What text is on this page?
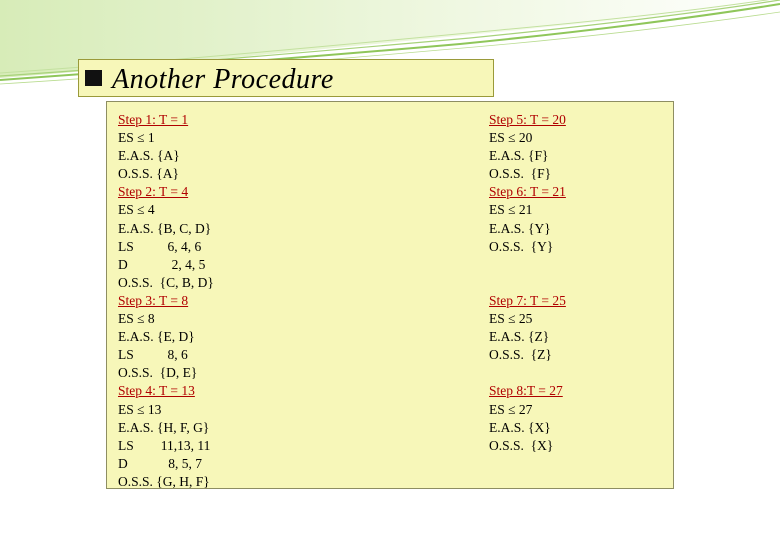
Another Procedure
Step 1: T = 1
ES ≤ 1
E.A.S. {A}
O.S.S. {A}
Step 2: T = 4
ES ≤ 4
E.A.S. {B, C, D}
LS          6, 4, 6
D             2, 4, 5
O.S.S.  {C, B, D}
Step 3: T = 8
ES ≤ 8
E.A.S. {E, D}
LS          8, 6
O.S.S.  {D, E}
Step 4: T = 13
ES ≤ 13
E.A.S. {H, F, G}
LS        11,13, 11
D            8, 5, 7
O.S.S. {G, H, F}
Step 5: T = 20
ES ≤ 20
E.A.S. {F}
O.S.S.  {F}
Step 6: T = 21
ES ≤ 21
E.A.S. {Y}
O.S.S.  {Y}
Step 7: T = 25
ES ≤ 25
E.A.S. {Z}
O.S.S.  {Z}
Step 8:T = 27
ES ≤ 27
E.A.S. {X}
O.S.S.  {X}
